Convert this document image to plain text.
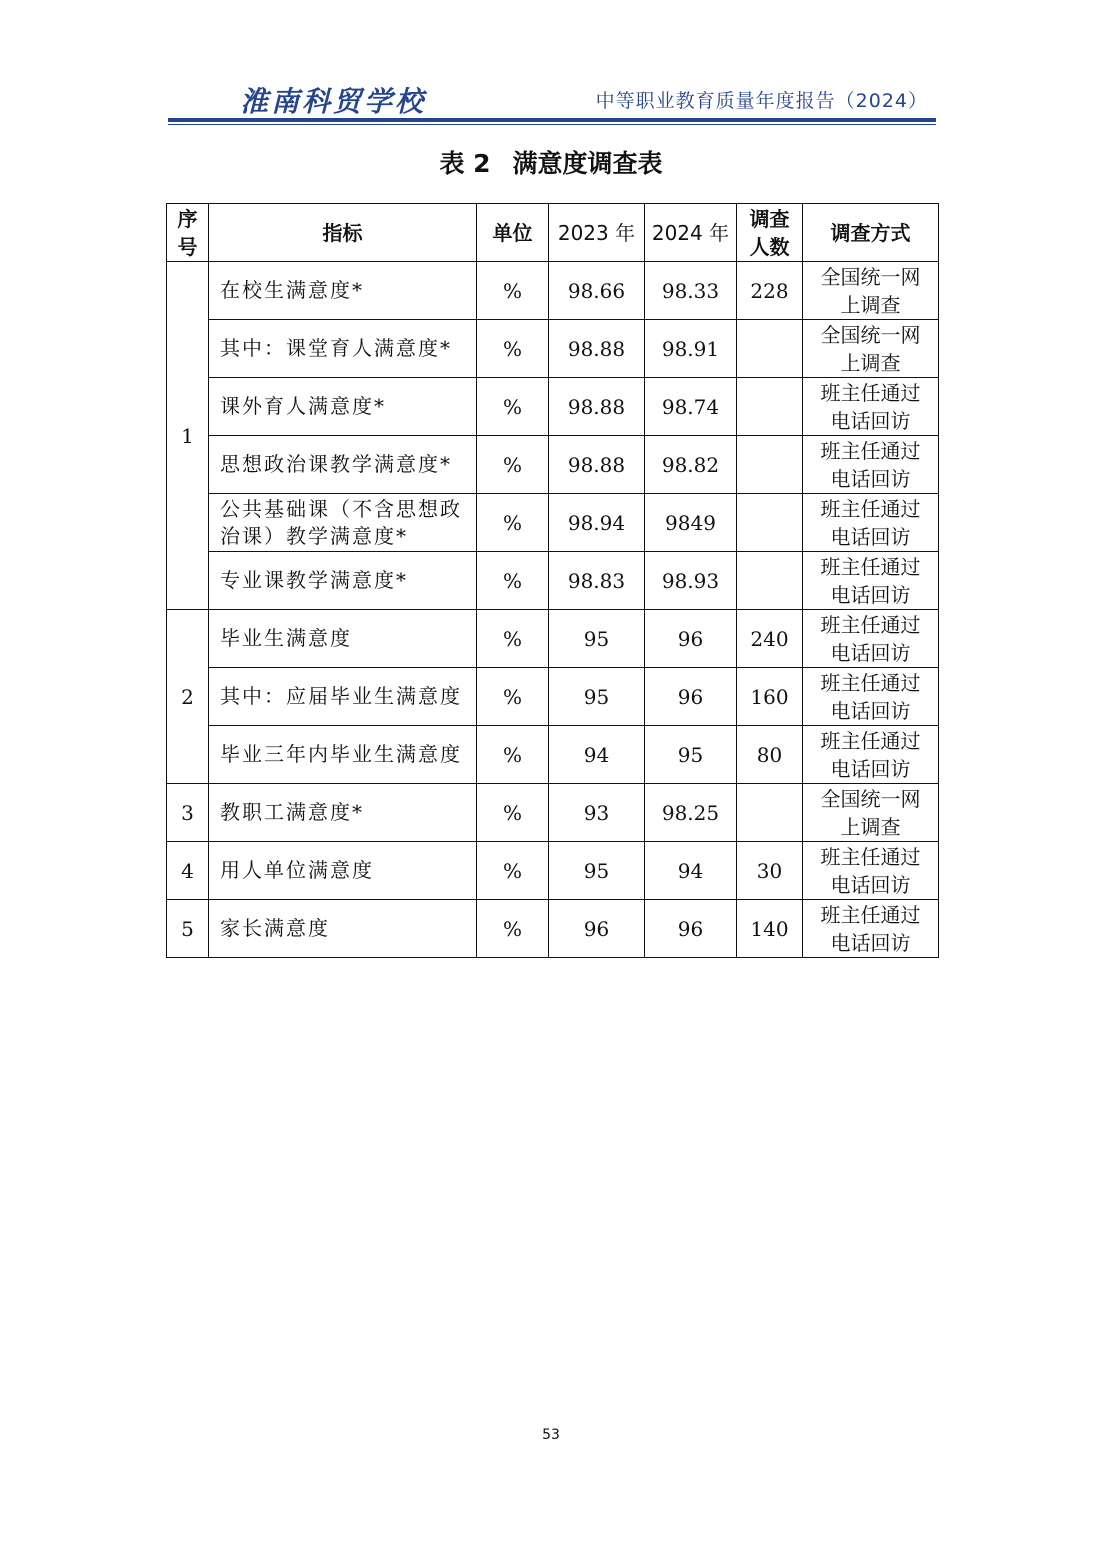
淮南科贸学校	中等职业教育质量年度报告（2024）
表 2 满意度调查表
序号	指标	单位	2023 年	2024 年	调查人数	调查方式
1	在校生满意度*	%	98.66	98.33	228	全国统一网上调查
	其中：课堂育人满意度*	%	98.88	98.91		全国统一网上调查
	课外育人满意度*	%	98.88	98.74		班主任通过电话回访
	思想政治课教学满意度*	%	98.88	98.82		班主任通过电话回访
	公共基础课（不含思想政治课）教学满意度*	%	98.94	9849		班主任通过电话回访
	专业课教学满意度*	%	98.83	98.93		班主任通过电话回访
2	毕业生满意度	%	95	96	240	班主任通过电话回访
	其中：应届毕业生满意度	%	95	96	160	班主任通过电话回访
	毕业三年内毕业生满意度	%	94	95	80	班主任通过电话回访
3	教职工满意度*	%	93	98.25		全国统一网上调查
4	用人单位满意度	%	95	94	30	班主任通过电话回访
5	家长满意度	%	96	96	140	班主任通过电话回访
53
